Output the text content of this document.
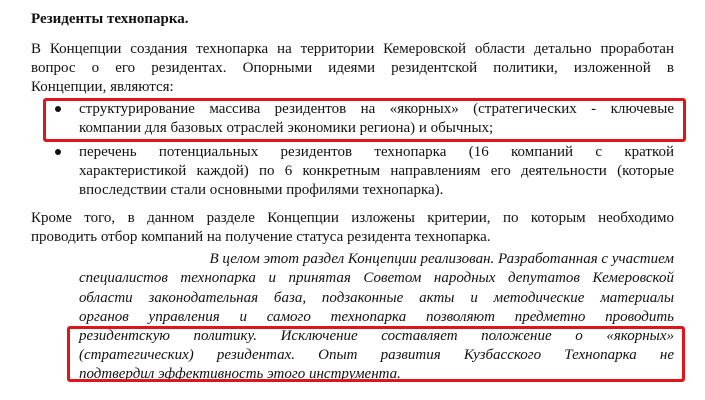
Резиденты технопарка.
В Концепции создания технопарка на территории Кемеровской области детально проработан
вопрос о его резидентах. Опорными идеями резидентской политики, изложенной в
Концепции, являются:
структурирование массива резидентов на «якорных» (стратегических - ключевые
компании для базовых отраслей экономики региона) и обычных;
перечень потенциальных резидентов технопарка (16 компаний с краткой
характеристикой каждой) по 6 конкретным направлениям его деятельности (которые
впоследствии стали основными профилями технопарка).
Кроме того, в данном разделе Концепции изложены критерии, по которым необходимо
проводить отбор компаний на получение статуса резидента технопарка.
В целом этот раздел Концепции реализован. Разработанная с участием
специалистов технопарка и принятая Советом народных депутатов Кемеровской
области законодательная база, подзаконные акты и методические материалы
органов управления и самого технопарка позволяют предметно проводить
резидентскую политику. Исключение составляет положение о «якорных»
(стратегических) резидентах. Опыт развития Кузбасского Технопарка не
подтвердил эффективность этого инструмента.
